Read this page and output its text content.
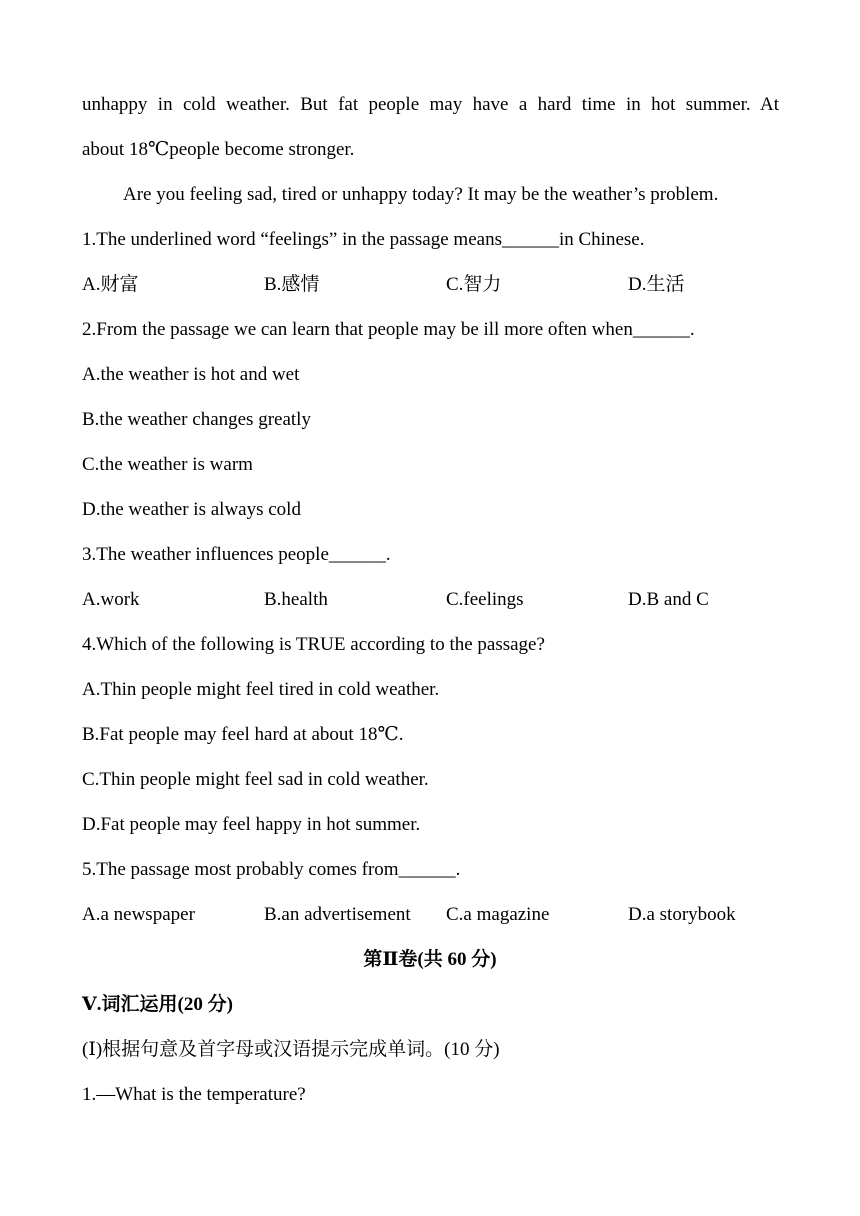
unhappy in cold weather. But fat people may have a hard time in hot summer. At
about 18℃people become stronger.
Are you feeling sad, tired or unhappy today? It may be the weather’s problem.
1.The underlined word “feelings” in the passage means______in Chinese.
A.财富	B.感情	C.智力	D.生活
2.From the passage we can learn that people may be ill more often when______.
A.the weather is hot and wet
B.the weather changes greatly
C.the weather is warm
D.the weather is always cold
3.The weather influences people______.
A.work	B.health	C.feelings	D.B and C
4.Which of the following is TRUE according to the passage?
A.Thin people might feel tired in cold weather.
B.Fat people may feel hard at about 18℃.
C.Thin people might feel sad in cold weather.
D.Fat people may feel happy in hot summer.
5.The passage most probably comes from______.
A.a newspaper	B.an advertisement C.a magazine	D.a storybook
第Ⅱ卷(共 60 分)
Ⅴ.词汇运用(20 分)
(Ⅰ)根据句意及首字母或汉语提示完成单词。(10 分)
1.—What is the temperature?
